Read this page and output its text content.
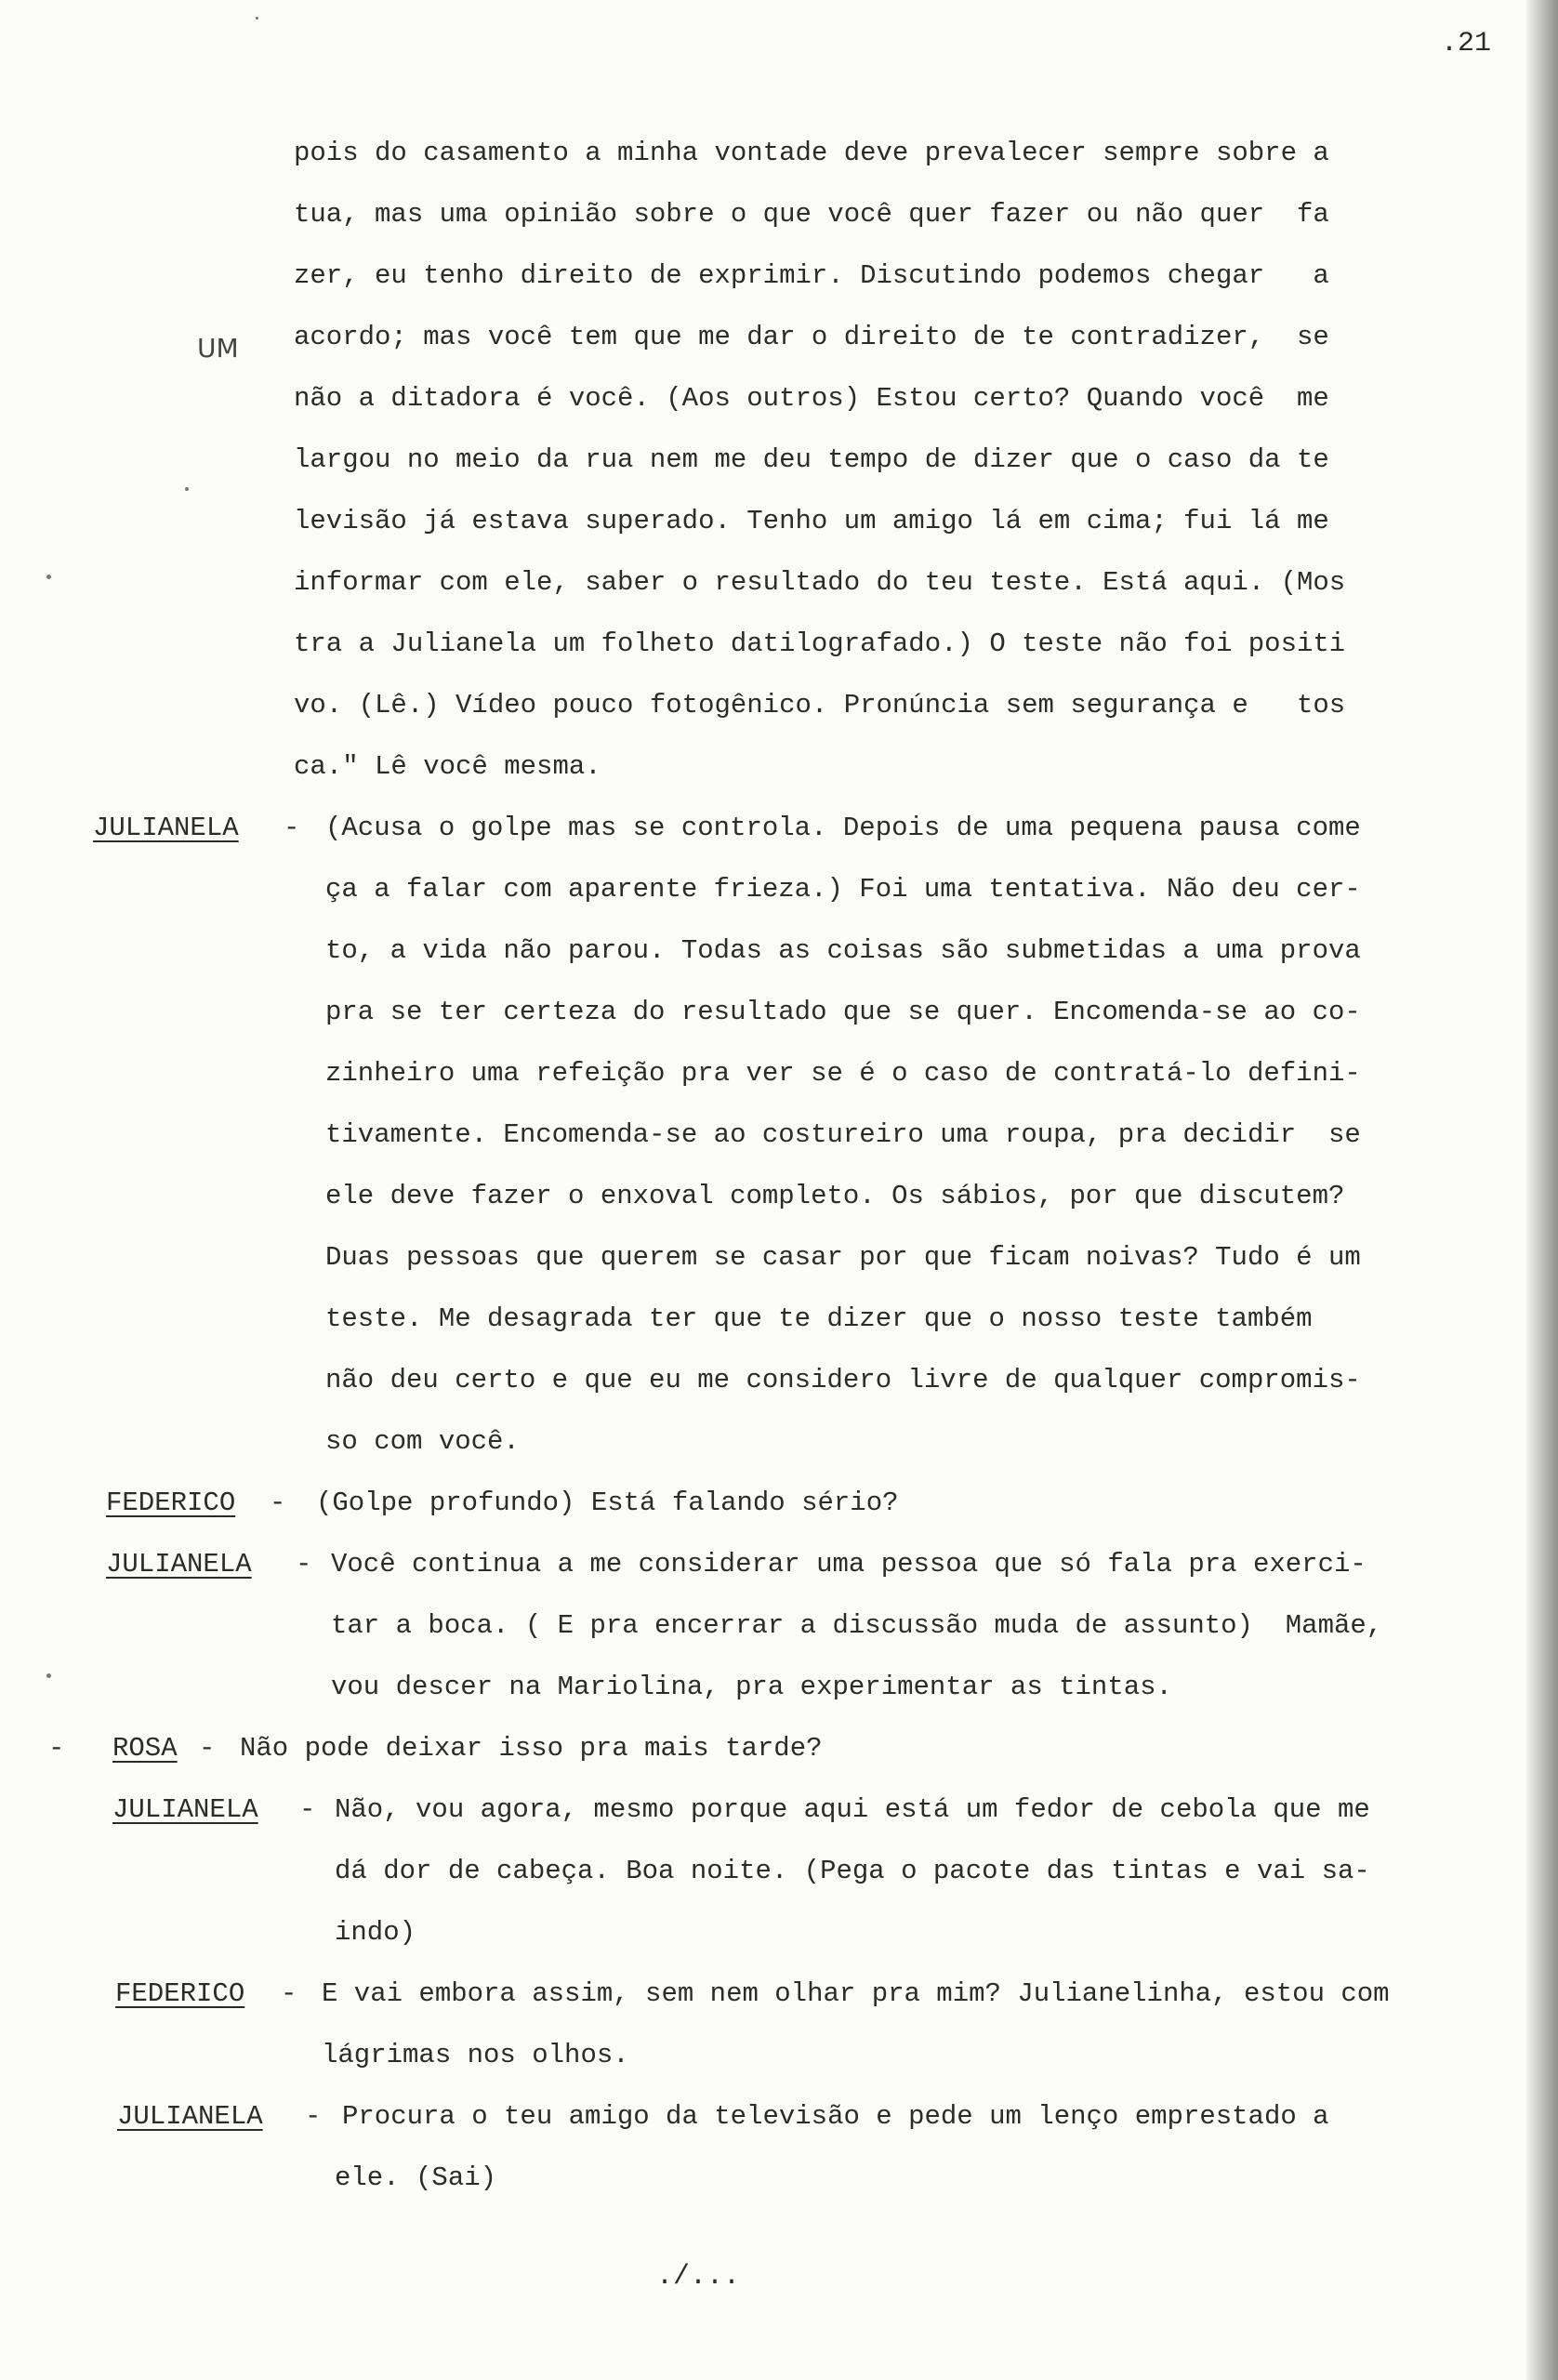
.21
UM
pois do casamento a minha vontade deve prevalecer sempre sobre a
tua, mas uma opinião sobre o que você quer fazer ou não quer  fa
zer, eu tenho direito de exprimir. Discutindo podemos chegar   a
acordo; mas você tem que me dar o direito de te contradizer,  se
não a ditadora é você. (Aos outros) Estou certo? Quando você  me
largou no meio da rua nem me deu tempo de dizer que o caso da te
levisão já estava superado. Tenho um amigo lá em cima; fui lá me
informar com ele, saber o resultado do teu teste. Está aqui. (Mos
tra a Julianela um folheto datilografado.) O teste não foi positi
vo. (Lê.) Vídeo pouco fotogênico. Pronúncia sem segurança e   tos
ca." Lê você mesma.
JULIANELA - (Acusa o golpe mas se controla. Depois de uma pequena pausa come
ça a falar com aparente frieza.) Foi uma tentativa. Não deu cer-
to, a vida não parou. Todas as coisas são submetidas a uma prova
pra se ter certeza do resultado que se quer. Encomenda-se ao co-
zinheiro uma refeição pra ver se é o caso de contratá-lo defini-
tivamente. Encomenda-se ao costureiro uma roupa, pra decidir  se
ele deve fazer o enxoval completo. Os sábios, por que discutem?
Duas pessoas que querem se casar por que ficam noivas? Tudo é um
teste. Me desagrada ter que te dizer que o nosso teste também
não deu certo e que eu me considero livre de qualquer compromis-
so com você.
FEDERICO - (Golpe profundo) Está falando sério?
JULIANELA - Você continua a me considerar uma pessoa que só fala pra exerci-
tar a boca. ( E pra encerrar a discussão muda de assunto)  Mamãe,
vou descer na Mariolina, pra experimentar as tintas.
- ROSA - Não pode deixar isso pra mais tarde?
JULIANELA - Não, vou agora, mesmo porque aqui está um fedor de cebola que me
dá dor de cabeça. Boa noite. (Pega o pacote das tintas e vai sa-
indo)
FEDERICO - E vai embora assim, sem nem olhar pra mim? Julianelinha, estou com
lágrimas nos olhos.
JULIANELA - Procura o teu amigo da televisão e pede um lenço emprestado a
ele. (Sai)
./...
